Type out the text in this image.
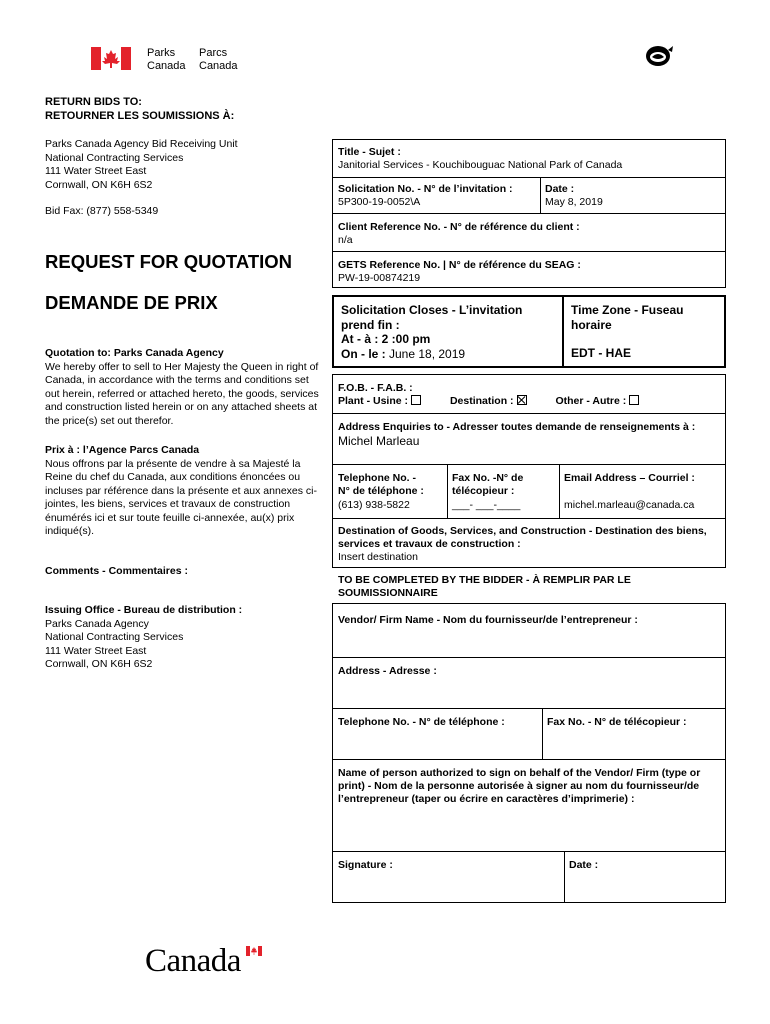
Parks
Canada
Parcs
Canada
RETURN BIDS TO:
RETOURNER LES SOUMISSIONS À:
Parks Canada Agency Bid Receiving Unit
National Contracting Services
111 Water Street East
Cornwall, ON K6H 6S2
Bid Fax: (877) 558-5349
REQUEST FOR QUOTATION
DEMANDE DE PRIX
Quotation to: Parks Canada Agency
We hereby offer to sell to Her Majesty the Queen in right of Canada, in accordance with the terms and conditions set out herein, referred or attached hereto, the goods, services and construction listed herein or on any attached sheets at the price(s) set out therefor.
Prix à : l’Agence Parcs Canada
Nous offrons par la présente de vendre à sa Majesté la Reine du chef du Canada, aux conditions énoncées ou incluses par référence dans la présente et aux annexes ci-jointes, les biens, services et travaux de construction énumérés ici et sur toute feuille ci-annexée, au(x) prix indiqué(s).
Comments - Commentaires :
Issuing Office - Bureau de distribution :
Parks Canada Agency
National Contracting Services
111 Water Street East
Cornwall, ON K6H 6S2
Title - Sujet :
Janitorial Services - Kouchibouguac National Park of Canada
Solicitation No. - N° de l’invitation :
5P300-19-0052\A
Date :
May 8, 2019
Client Reference No. - N° de référence du client :
n/a
GETS Reference No. | N° de référence du SEAG :
PW-19-00874219
Solicitation Closes - L’invitation
prend fin :
At - à : 2 :00 pm
On - le : June 18, 2019
Time Zone - Fuseau
horaire
EDT - HAE
F.O.B. - F.A.B. :
Plant - Usine :	Destination :	Other - Autre :
Address Enquiries to - Adresser toutes demande de renseignements à :
Michel Marleau
Telephone No. -
N° de téléphone :
(613) 938-5822
Fax No. -N° de
télécopieur :
___- ___-____
Email Address – Courriel :
michel.marleau@canada.ca
Destination of Goods, Services, and Construction - Destination des biens, services et travaux de construction :
Insert destination
TO BE COMPLETED BY THE BIDDER - À REMPLIR PAR LE SOUMISSIONNAIRE
Vendor/ Firm Name - Nom du fournisseur/de l’entrepreneur :
Address - Adresse :
Telephone No. - N° de téléphone :	Fax No. - N° de télécopieur :
Name of person authorized to sign on behalf of the Vendor/ Firm (type or print) - Nom de la personne autorisée à signer au nom du fournisseur/de l’entrepreneur (taper ou écrire en caractères d’imprimerie) :
Signature :	Date :
Canada
